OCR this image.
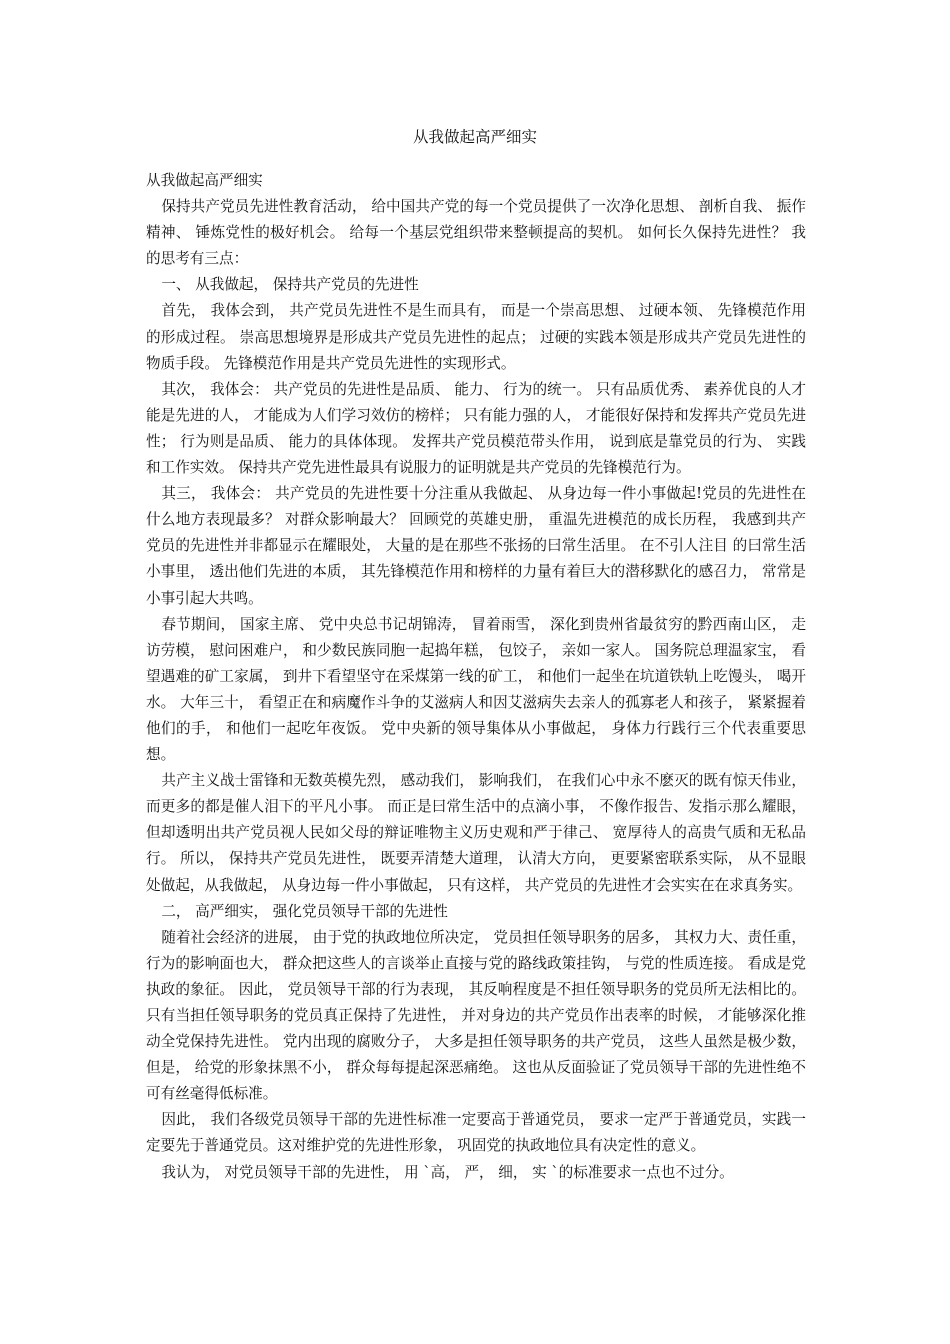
从我做起高严细实

从我做起高严细实

保持共产党员先进性教育活动， 给中国共产党的每一个党员提供了一次净化思想、 剖析自我、 振作精神、 锤炼党性的极好机会。 给每一个基层党组织带来整顿提高的契机。 如何长久保持先进性？ 我的思考有三点：

一、 从我做起， 保持共产党员的先进性

首先， 我体会到， 共产党员先进性不是生而具有， 而是一个崇高思想、 过硬本领、 先锋模范作用的形成过程。 崇高思想境界是形成共产党员先进性的起点； 过硬的实践本领是形成共产党员先进性的物质手段。 先锋模范作用是共产党员先进性的实现形式。

其次， 我体会： 共产党员的先进性是品质、 能力、 行为的统一。 只有品质优秀、 素养优良的人才能是先进的人， 才能成为人们学习效仿的榜样； 只有能力强的人， 才能很好保持和发挥共产党员先进性； 行为则是品质、 能力的具体体现。 发挥共产党员模范带头作用， 说到底是靠党员的行为、 实践和工作实效。 保持共产党先进性最具有说服力的证明就是共产党员的先锋模范行为。

其三， 我体会： 共产党员的先进性要十分注重从我做起、 从身边每一件小事做起!党员的先进性在什么地方表现最多？ 对群众影响最大？ 回顾党的英雄史册， 重温先进模范的成长历程， 我感到共产党员的先进性并非都显示在耀眼处， 大量的是在那些不张扬的曰常生活里。 在不引人注目 的曰常生活小事里， 透出他们先进的本质， 其先锋模范作用和榜样的力量有着巨大的潜移默化的感召力， 常常是小事引起大共鸣。

春节期间， 国家主席、 党中央总书记胡锦涛， 冒着雨雪， 深化到贵州省最贫穷的黔西南山区， 走访劳模， 慰问困难户， 和少数民族同胞一起捣年糕， 包饺子， 亲如一家人。 国务院总理温家宝， 看望遇难的矿工家属， 到井下看望坚守在采煤第一线的矿工， 和他们一起坐在坑道铁轨上吃馒头， 喝开水。 大年三十， 看望正在和病魔作斗争的艾滋病人和因艾滋病失去亲人的孤寡老人和孩子， 紧紧握着他们的手， 和他们一起吃年夜饭。 党中央新的领导集体从小事做起， 身体力行践行三个代表重要思想。

共产主义战士雷锋和无数英模先烈， 感动我们， 影响我们， 在我们心中永不麽灭的既有惊天伟业， 而更多的都是催人泪下的平凡小事。 而正是曰常生活中的点滴小事， 不像作报告、发指示那么耀眼， 但却透明出共产党员视人民如父母的辩证唯物主义历史观和严于律己、 宽厚待人的高贵气质和无私品行。 所以， 保持共产党员先进性， 既要弄清楚大道理， 认清大方向， 更要紧密联系实际， 从不显眼处做起，从我做起， 从身边每一件小事做起， 只有这样， 共产党员的先进性才会实实在在求真务实。

二， 高严细实， 强化党员领导干部的先进性

随着社会经济的进展， 由于党的执政地位所决定， 党员担任领导职务的居多， 其权力大、责任重， 行为的影响面也大， 群众把这些人的言谈举止直接与党的路线政策挂钩， 与党的性质连接。 看成是党执政的象征。 因此， 党员领导干部的行为表现， 其反响程度是不担任领导职务的党员所无法相比的。 只有当担任领导职务的党员真正保持了先进性， 并对身边的共产党员作出表率的时候， 才能够深化推动全党保持先进性。 党内出现的腐败分子， 大多是担任领导职务的共产党员， 这些人虽然是极少数， 但是， 给党的形象抹黑不小， 群众每每提起深恶痛绝。 这也从反面验证了党员领导干部的先进性绝不可有丝毫得低标准。

因此， 我们各级党员领导干部的先进性标准一定要高于普通党员， 要求一定严于普通党员，实践一定要先于普通党员。这对维护党的先进性形象， 巩固党的执政地位具有决定性的意义。

我认为， 对党员领导干部的先进性， 用 `高， 严， 细， 实 `的标准要求一点也不过分。
